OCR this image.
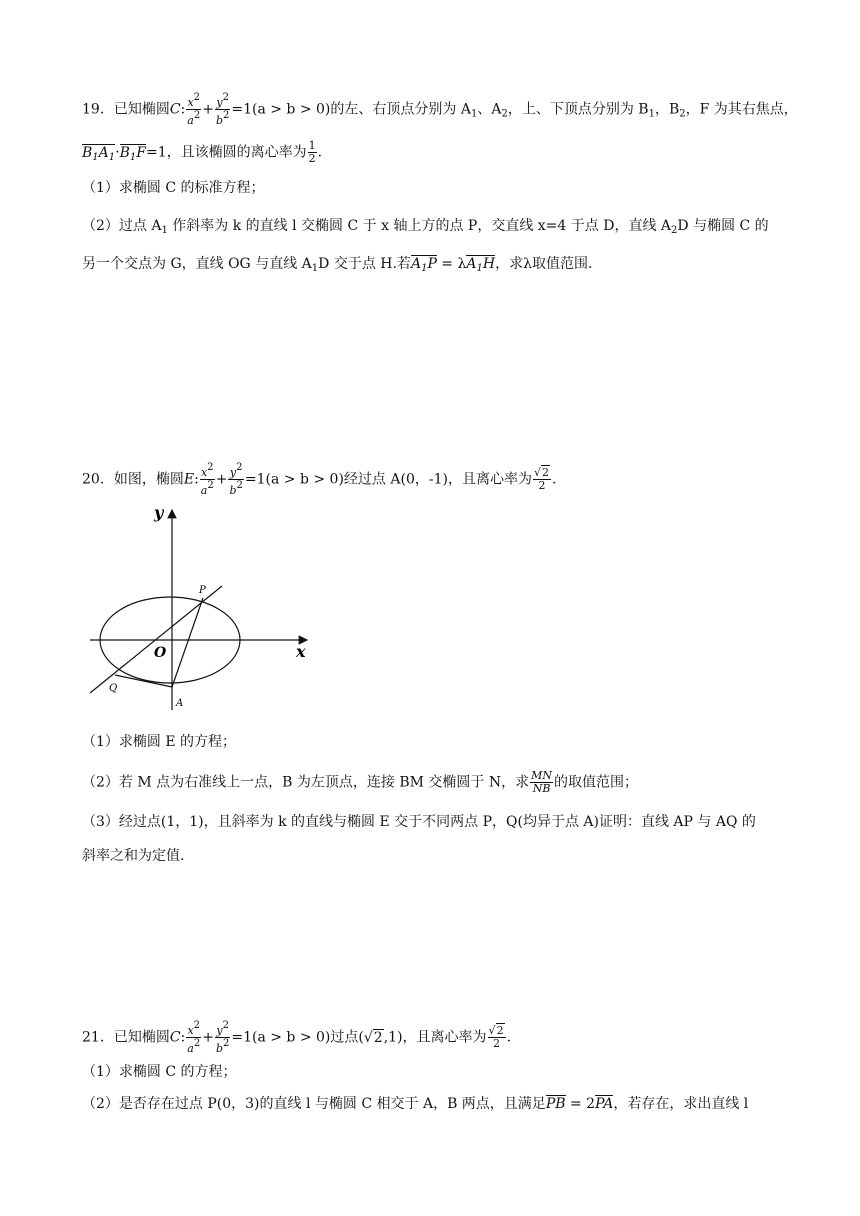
19．已知椭圆C: $\frac{x2}{a2} + \frac{y2}{b2} =1(a > b > 0)$的左、右顶点分别为 $A_1$、$A_2$，上、下顶点分别为 $B_1$，$B_2$，F 为其右焦点，
$B_1A_1\cdot B_1F=1$，且该椭圆的离心率为 $\frac{1}{2}$ .
（1）求椭圆 C 的标准方程；
（2）过点 $A_1$ 作斜率为 k 的直线 l 交椭圆 C 于 x 轴上方的点 P，交直线 x=4 于点 D，直线 $A_2D$ 与椭圆 C 的
另一个交点为 G，直线 OG 与直线 $A_1D$ 交于点 H.若$A_1P = \lambda A_1H$，求λ取值范围.
20．如图，椭圆E: $\frac{x2}{a2} + \frac{y2}{b2} =1(a > b > 0)$经过点 A(0，-1)，且离心率为 $\frac{√2}{2}$ .
y
x
O
P
Q
A
（1）求椭圆 E 的方程；
（2）若 M 点为右准线上一点，B 为左顶点，连接 BM 交椭圆于 N，求 $\frac{MN}{NB}$ 的取值范围；
（3）经过点(1，1)，且斜率为 k 的直线与椭圆 E 交于不同两点 P，Q(均异于点 A)证明：直线 AP 与 AQ 的
斜率之和为定值.
21．已知椭圆C: $\frac{x2}{a2} + \frac{y2}{b2} =1(a > b > 0)$过点(√2,1)，且离心率为 $\frac{√2}{2}$ .
（1）求椭圆 C 的方程；
（2）是否存在过点 P(0，3)的直线 l 与椭圆 C 相交于 A，B 两点，且满足PB = 2PA，若存在，求出直线 l
